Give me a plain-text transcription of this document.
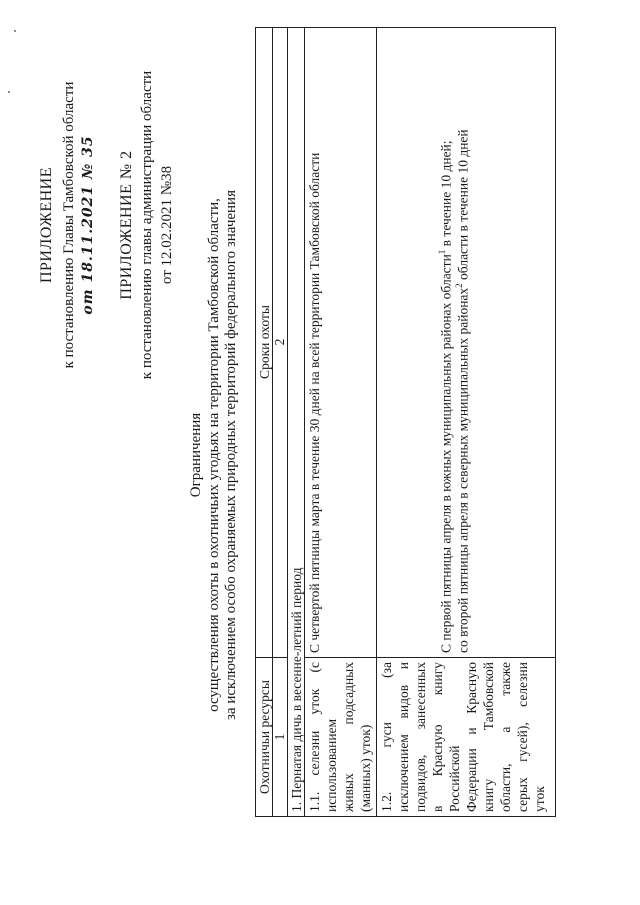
ПРИЛОЖЕНИЕ к постановлению Главы Тамбовской области от 18.11.2021 № 35 ПРИЛОЖЕНИЕ № 2 к постановлению главы администрации области от 12.02.2021 №38
Ограничения осуществления охоты в охотничьих угодьях на территории Тамбовской области, за исключением особо охраняемых природных территорий федерального значения
Охотничьи ресурсы
Сроки охоты
1
2
1. Пернатая дичь в весенне-летний период 1.1. селезни уток (с использованием живых подсадных (манных) уток)
С четвертой пятницы марта в течение 30 дней на всей территории Тамбовской области
1.2. гуси (за исключением видов и подвидов, занесенных в Красную книгу Российской Федерации и Красную книгу Тамбовской области, а также серых гусей), селезни уток
С первой пятницы апреля в южных муниципальных районах области$^1$ в течение 10 дней;
со второй пятницы апреля в северных муниципальных районах$^2$ области в течение 10 дней
